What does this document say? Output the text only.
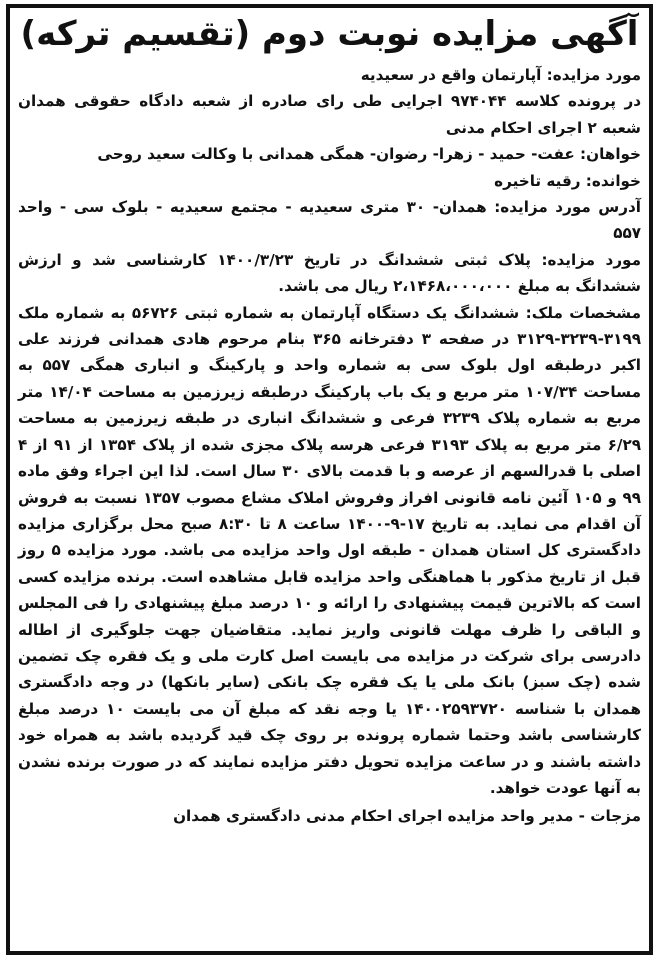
آگهی مزایده نوبت دوم (تقسیم ترکه)

مورد مزایده: آپارتمان واقع در سعیدیه

در پرونده کلاسه ۹۷۴۰۴۴ اجرایی طی رای صادره از شعبه دادگاه حقوقی همدان شعبه ۲ اجرای احکام مدنی

خواهان: عفت- حمید - زهرا- رضوان- همگی همدانی با وکالت سعید روحی

خوانده: رقیه تاخیره

آدرس مورد مزایده: همدان- ۳۰ متری سعیدیه - مجتمع سعیدیه - بلوک سی - واحد ۵۵۷

مورد مزایده: پلاک ثبتی ششدانگ در تاریخ ۱۴۰۰/۳/۲۳ کارشناسی شد و ارزش ششدانگ به مبلغ ۲،۱۴۶۸،۰۰۰،۰۰۰ ریال می باشد.

مشخصات ملک: ششدانگ یک دستگاه آپارتمان به شماره ثبتی ۵۶۷۲۶ به شماره ملک ۳۱۹۹-۳۲۳۹-۳۱۲۹ در صفحه ۳ دفترخانه ۳۶۵ بنام مرحوم هادی همدانی فرزند علی اکبر درطبقه اول بلوک سی به شماره واحد و پارکینگ و انباری همگی ۵۵۷ به مساحت ۱۰۷/۳۴ متر مربع و یک باب پارکینگ درطبقه زیرزمین به مساحت ۱۴/۰۴ متر مربع به شماره پلاک ۳۲۳۹ فرعی و ششدانگ انباری در طبقه زیرزمین به مساحت ۶/۲۹ متر مربع به پلاک ۳۱۹۳ فرعی هرسه پلاک مجزی شده از پلاک ۱۳۵۴ از ۹۱ از ۴ اصلی با قدرالسهم از عرصه و با قدمت بالای ۳۰ سال است. لذا این اجراء وفق ماده ۹۹ و ۱۰۵ آئین نامه قانونی افراز وفروش املاک مشاع مصوب ۱۳۵۷ نسبت به فروش آن اقدام می نماید. به تاریخ ۱۷-۹-۱۴۰۰ ساعت ۸ تا ۸:۳۰ صبح محل برگزاری مزایده دادگستری کل استان همدان - طبقه اول واحد مزایده می باشد. مورد مزایده ۵ روز قبل از تاریخ مذکور با هماهنگی واحد مزایده قابل مشاهده است. برنده مزایده کسی است که بالاترین قیمت پیشنهادی را ارائه و ۱۰ درصد مبلغ پیشنهادی را فی المجلس و الباقی را ظرف مهلت قانونی واریز نماید. متقاضیان جهت جلوگیری از اطاله دادرسی برای شرکت در مزایده می بایست اصل کارت ملی و یک فقره چک تضمین شده (چک سبز) بانک ملی یا یک فقره چک بانکی (سایر بانکها) در وجه دادگستری همدان با شناسه ۱۴۰۰۲۵۹۳۷۲۰ یا وجه نقد که مبلغ آن می بایست ۱۰ درصد مبلغ کارشناسی باشد وحتما شماره پرونده بر روی چک قید گردیده باشد به همراه خود داشته باشند و در ساعت مزایده تحویل دفتر مزایده نمایند که در صورت برنده نشدن به آنها عودت خواهد.

مزجات - مدیر واحد مزایده اجرای احکام مدنی دادگستری همدان
